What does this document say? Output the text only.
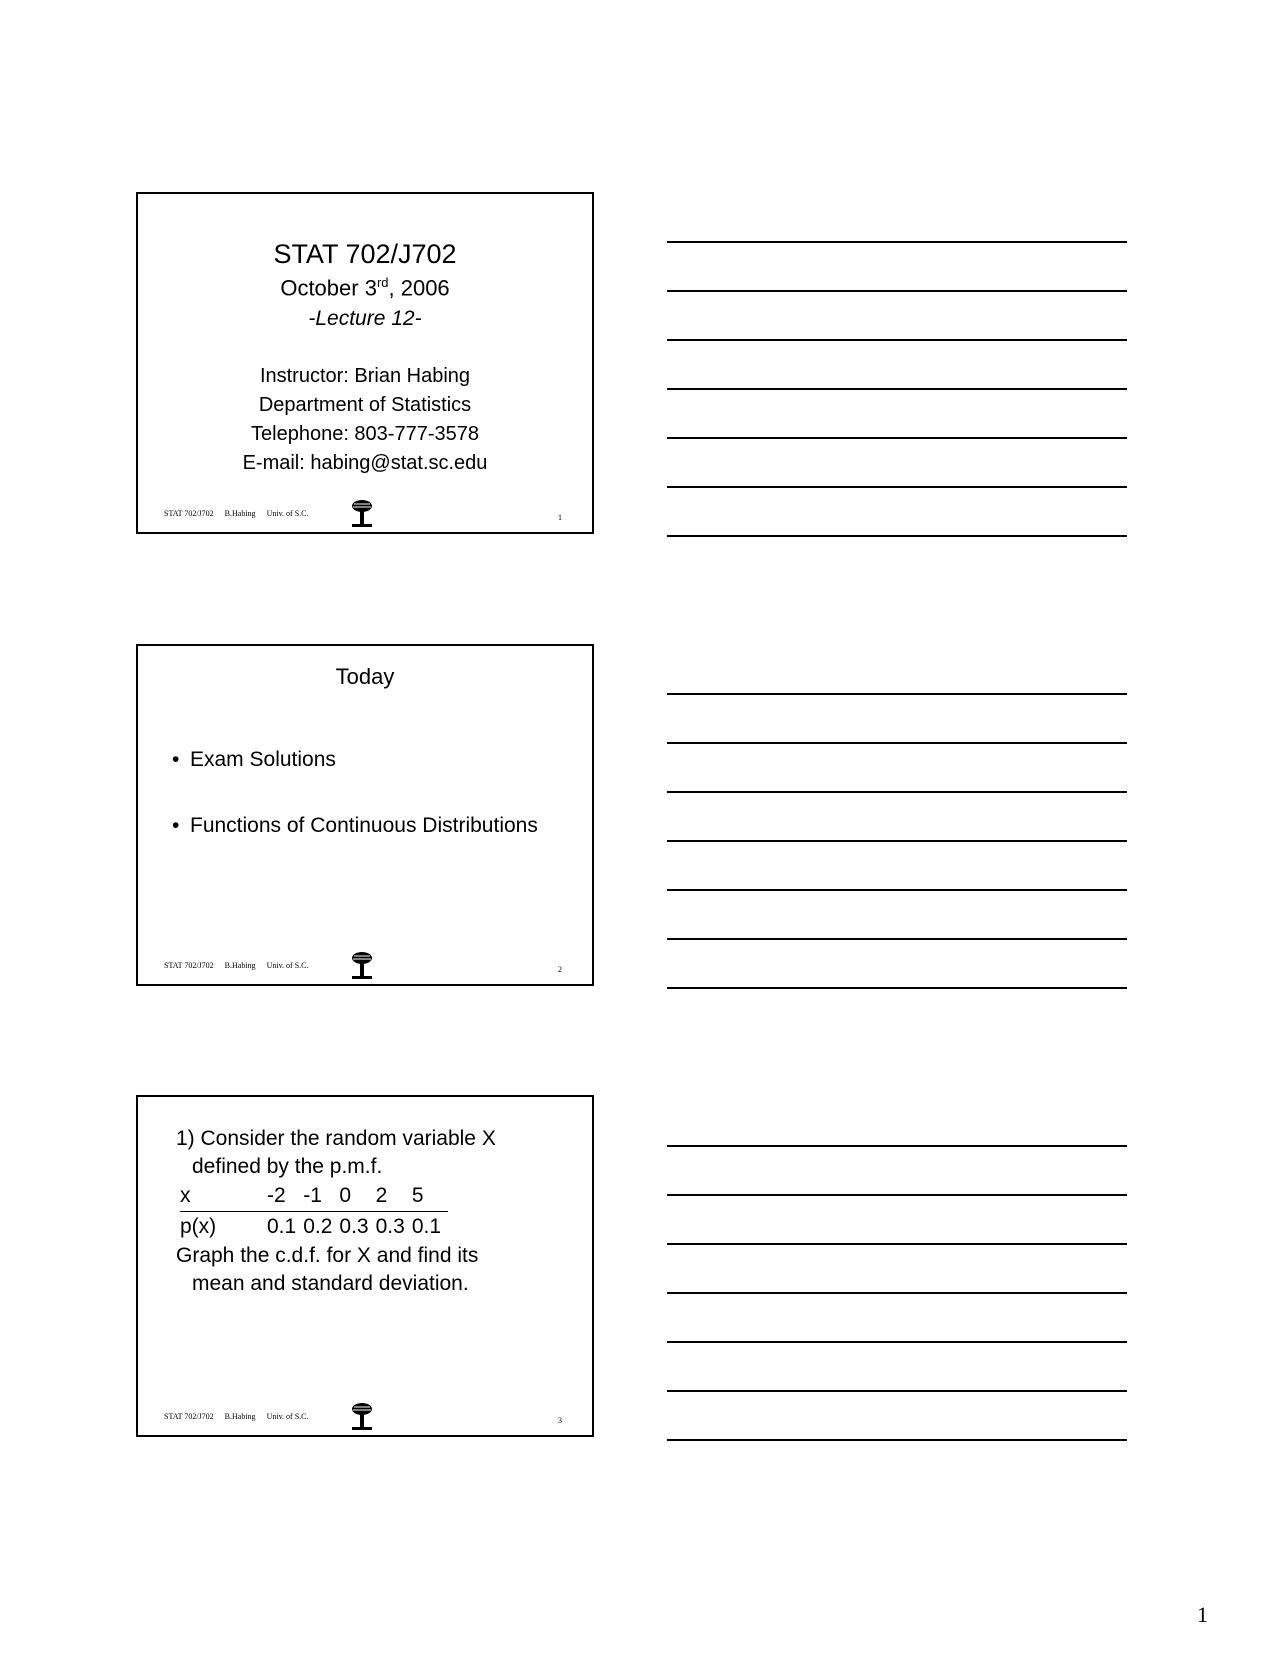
STAT 702/J702
October 3rd, 2006
-Lecture 12-
Instructor: Brian Habing
Department of Statistics
Telephone: 803-777-3578
E-mail: habing@stat.sc.edu
STAT 702/J702 B.Habing Univ. of S.C.	1
Today
• Exam Solutions
• Functions of Continuous Distributions
STAT 702/J702 B.Habing Univ. of S.C.	2
1) Consider the random variable X
defined by the p.m.f.
x	-2	-1	0	2	5
p(x)	0.1	0.2	0.3	0.3	0.1
Graph the c.d.f. for X and find its
mean and standard deviation.
STAT 702/J702 B.Habing Univ. of S.C.	3
1
